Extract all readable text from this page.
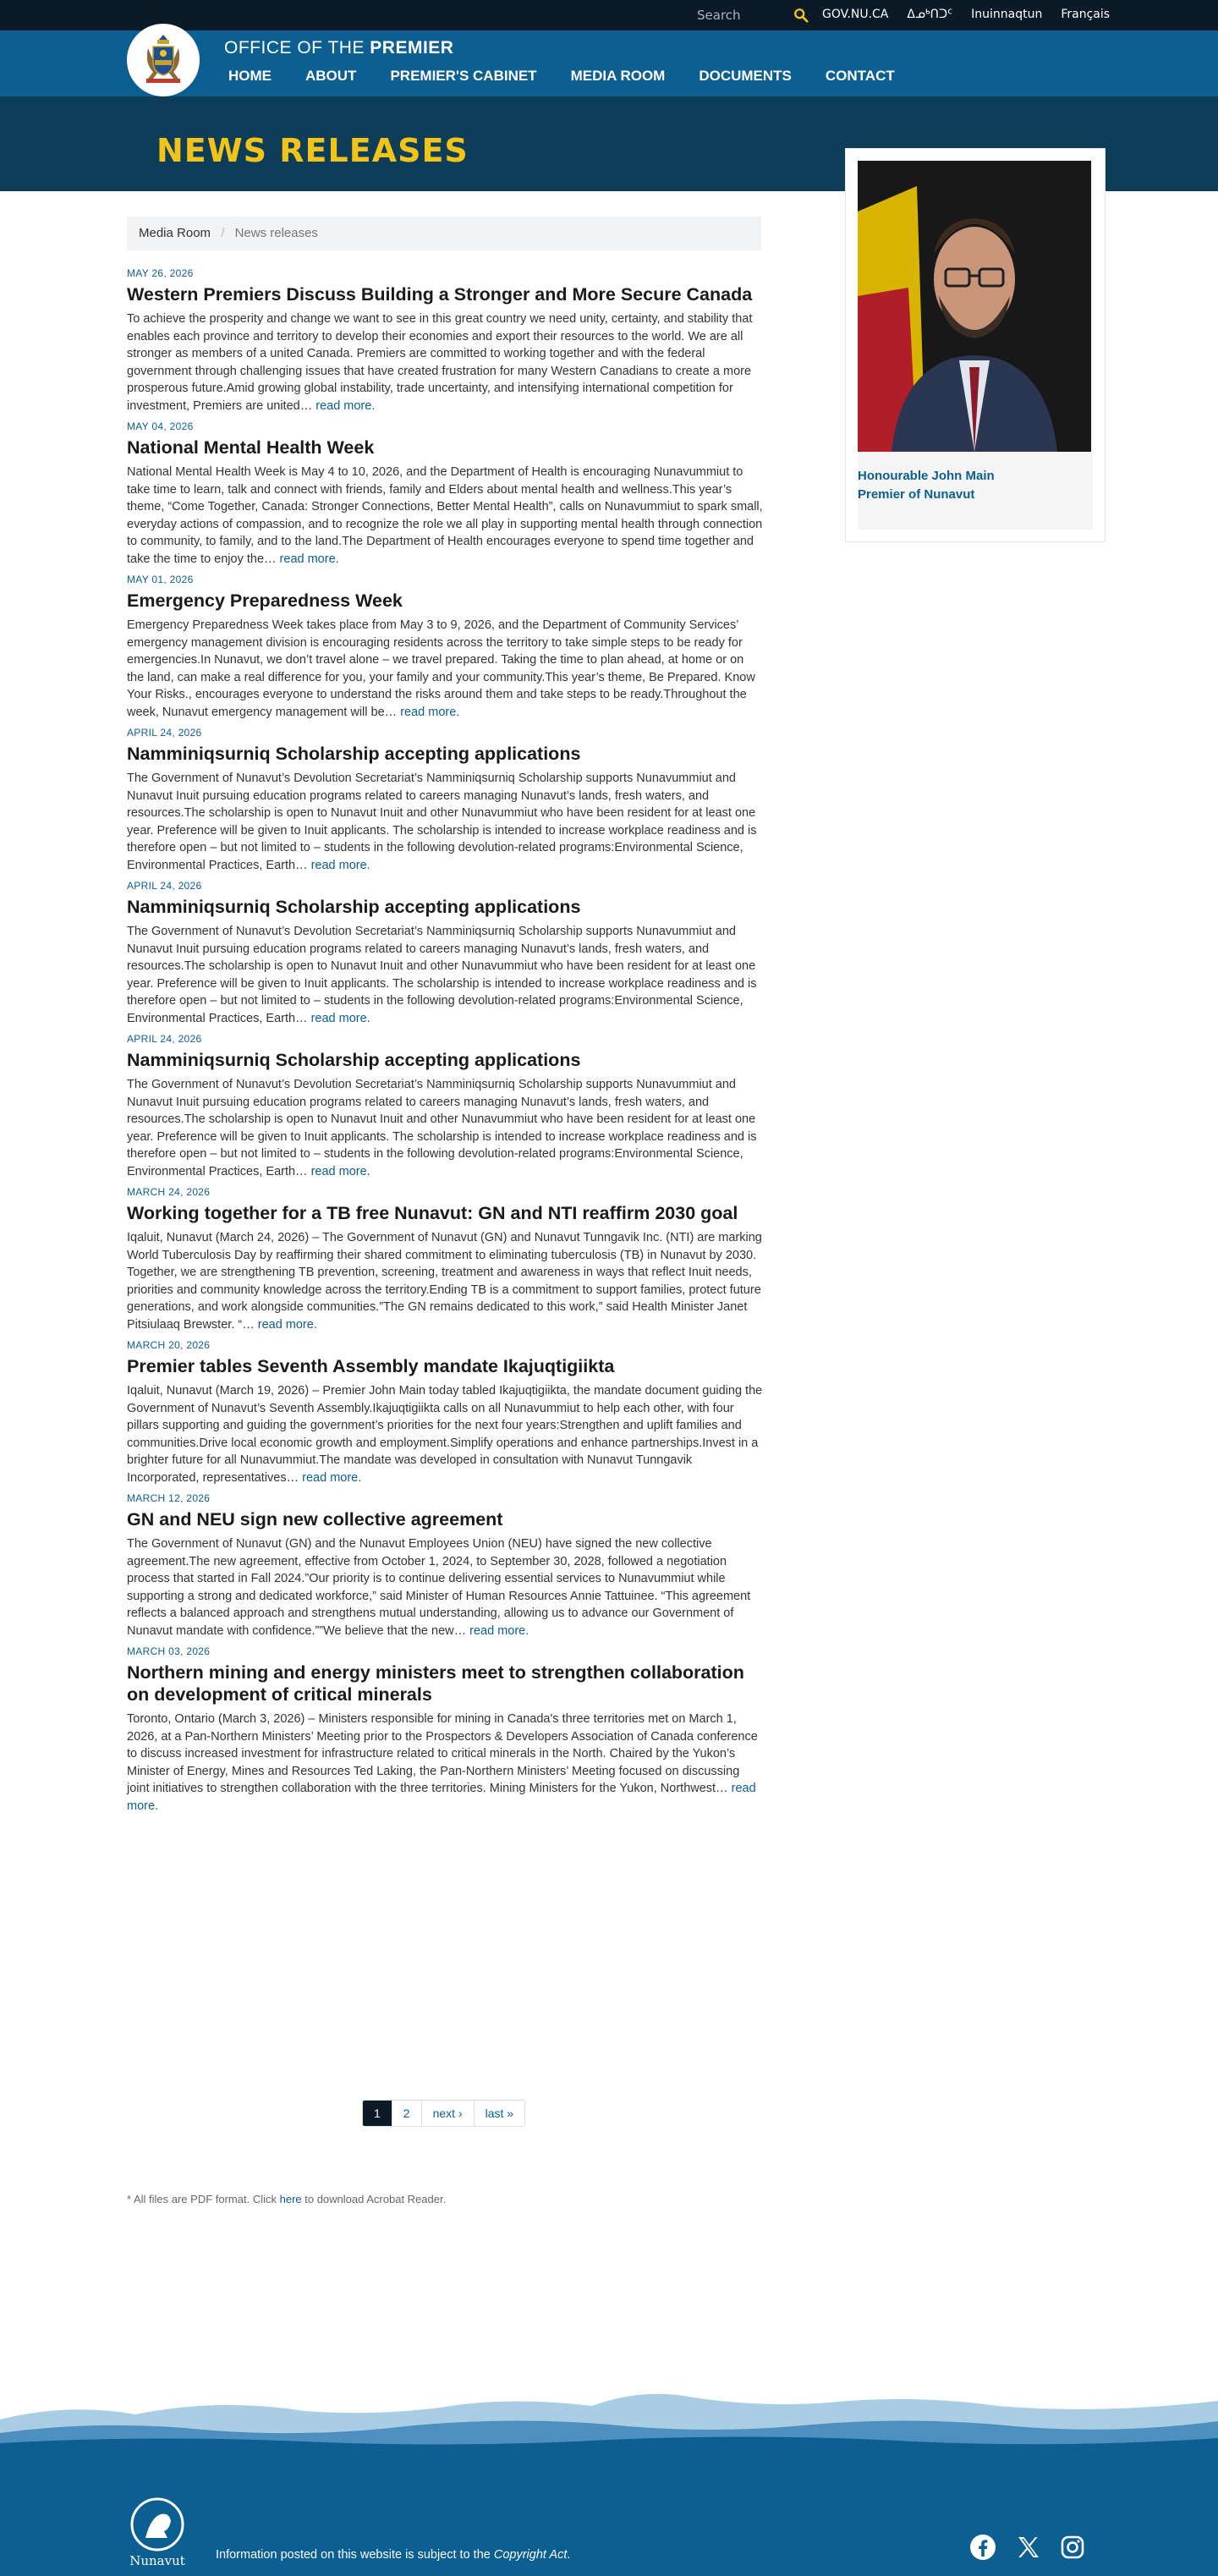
Search
GOV.NU.CA ᐃᓄᒃᑎᑐᑦ Inuinnaqtun Français
OFFICE OF THE PREMIER
HOME ABOUT PREMIER'S CABINET MEDIA ROOM DOCUMENTS CONTACT
NEWS RELEASES
Honourable John Main
Premier of Nunavut
Media Room / News releases
MAY 26, 2026
Western Premiers Discuss Building a Stronger and More Secure Canada
To achieve the prosperity and change we want to see in this great country we need unity, certainty, and stability that enables each province and territory to develop their economies and export their resources to the world. We are all stronger as members of a united Canada. Premiers are committed to working together and with the federal government through challenging issues that have created frustration for many Western Canadians to create a more prosperous future.Amid growing global instability, trade uncertainty, and intensifying international competition for investment, Premiers are united… read more.
MAY 04, 2026
National Mental Health Week
National Mental Health Week is May 4 to 10, 2026, and the Department of Health is encouraging Nunavummiut to take time to learn, talk and connect with friends, family and Elders about mental health and wellness.This year’s theme, “Come Together, Canada: Stronger Connections, Better Mental Health”, calls on Nunavummiut to spark small, everyday actions of compassion, and to recognize the role we all play in supporting mental health through connection to community, to family, and to the land.The Department of Health encourages everyone to spend time together and take the time to enjoy the… read more.
MAY 01, 2026
Emergency Preparedness Week
Emergency Preparedness Week takes place from May 3 to 9, 2026, and the Department of Community Services’ emergency management division is encouraging residents across the territory to take simple steps to be ready for emergencies.In Nunavut, we don’t travel alone – we travel prepared. Taking the time to plan ahead, at home or on the land, can make a real difference for you, your family and your community.This year’s theme, Be Prepared. Know Your Risks., encourages everyone to understand the risks around them and take steps to be ready.Throughout the week, Nunavut emergency management will be… read more.
APRIL 24, 2026
Namminiqsurniq Scholarship accepting applications
The Government of Nunavut’s Devolution Secretariat’s Namminiqsurniq Scholarship supports Nunavummiut and Nunavut Inuit pursuing education programs related to careers managing Nunavut’s lands, fresh waters, and resources.The scholarship is open to Nunavut Inuit and other Nunavummiut who have been resident for at least one year. Preference will be given to Inuit applicants. The scholarship is intended to increase workplace readiness and is therefore open – but not limited to – students in the following devolution-related programs:Environmental Science, Environmental Practices, Earth… read more.
APRIL 24, 2026
Namminiqsurniq Scholarship accepting applications
The Government of Nunavut’s Devolution Secretariat’s Namminiqsurniq Scholarship supports Nunavummiut and Nunavut Inuit pursuing education programs related to careers managing Nunavut’s lands, fresh waters, and resources.The scholarship is open to Nunavut Inuit and other Nunavummiut who have been resident for at least one year. Preference will be given to Inuit applicants. The scholarship is intended to increase workplace readiness and is therefore open – but not limited to – students in the following devolution-related programs:Environmental Science, Environmental Practices, Earth… read more.
APRIL 24, 2026
Namminiqsurniq Scholarship accepting applications
The Government of Nunavut’s Devolution Secretariat’s Namminiqsurniq Scholarship supports Nunavummiut and Nunavut Inuit pursuing education programs related to careers managing Nunavut’s lands, fresh waters, and resources.The scholarship is open to Nunavut Inuit and other Nunavummiut who have been resident for at least one year. Preference will be given to Inuit applicants. The scholarship is intended to increase workplace readiness and is therefore open – but not limited to – students in the following devolution-related programs:Environmental Science, Environmental Practices, Earth… read more.
MARCH 24, 2026
Working together for a TB free Nunavut: GN and NTI reaffirm 2030 goal
Iqaluit, Nunavut (March 24, 2026) – The Government of Nunavut (GN) and Nunavut Tunngavik Inc. (NTI) are marking World Tuberculosis Day by reaffirming their shared commitment to eliminating tuberculosis (TB) in Nunavut by 2030. Together, we are strengthening TB prevention, screening, treatment and awareness in ways that reflect Inuit needs, priorities and community knowledge across the territory.Ending TB is a commitment to support families, protect future generations, and work alongside communities.”The GN remains dedicated to this work,” said Health Minister Janet Pitsiulaaq Brewster. “… read more.
MARCH 20, 2026
Premier tables Seventh Assembly mandate Ikajuqtigiikta
Iqaluit, Nunavut (March 19, 2026) – Premier John Main today tabled Ikajuqtigiikta, the mandate document guiding the Government of Nunavut’s Seventh Assembly.Ikajuqtigiikta calls on all Nunavummiut to help each other, with four pillars supporting and guiding the government’s priorities for the next four years:Strengthen and uplift families and communities.Drive local economic growth and employment.Simplify operations and enhance partnerships.Invest in a brighter future for all Nunavummiut.The mandate was developed in consultation with Nunavut Tunngavik Incorporated, representatives… read more.
MARCH 12, 2026
GN and NEU sign new collective agreement
The Government of Nunavut (GN) and the Nunavut Employees Union (NEU) have signed the new collective agreement.The new agreement, effective from October 1, 2024, to September 30, 2028, followed a negotiation process that started in Fall 2024.”Our priority is to continue delivering essential services to Nunavummiut while supporting a strong and dedicated workforce,” said Minister of Human Resources Annie Tattuinee. “This agreement reflects a balanced approach and strengthens mutual understanding, allowing us to advance our Government of Nunavut mandate with confidence.””We believe that the new… read more.
MARCH 03, 2026
Northern mining and energy ministers meet to strengthen collaboration on development of critical minerals
Toronto, Ontario (March 3, 2026) – Ministers responsible for mining in Canada's three territories met on March 1, 2026, at a Pan-Northern Ministers’ Meeting prior to the Prospectors & Developers Association of Canada conference to discuss increased investment for infrastructure related to critical minerals in the North. Chaired by the Yukon’s Minister of Energy, Mines and Resources Ted Laking, the Pan-Northern Ministers’ Meeting focused on discussing joint initiatives to strengthen collaboration with the three territories. Mining Ministers for the Yukon, Northwest… read more.
1	2	next ›	last »
* All files are PDF format. Click here to download Acrobat Reader.
Nunavut Information posted on this website is subject to the Copyright Act.
